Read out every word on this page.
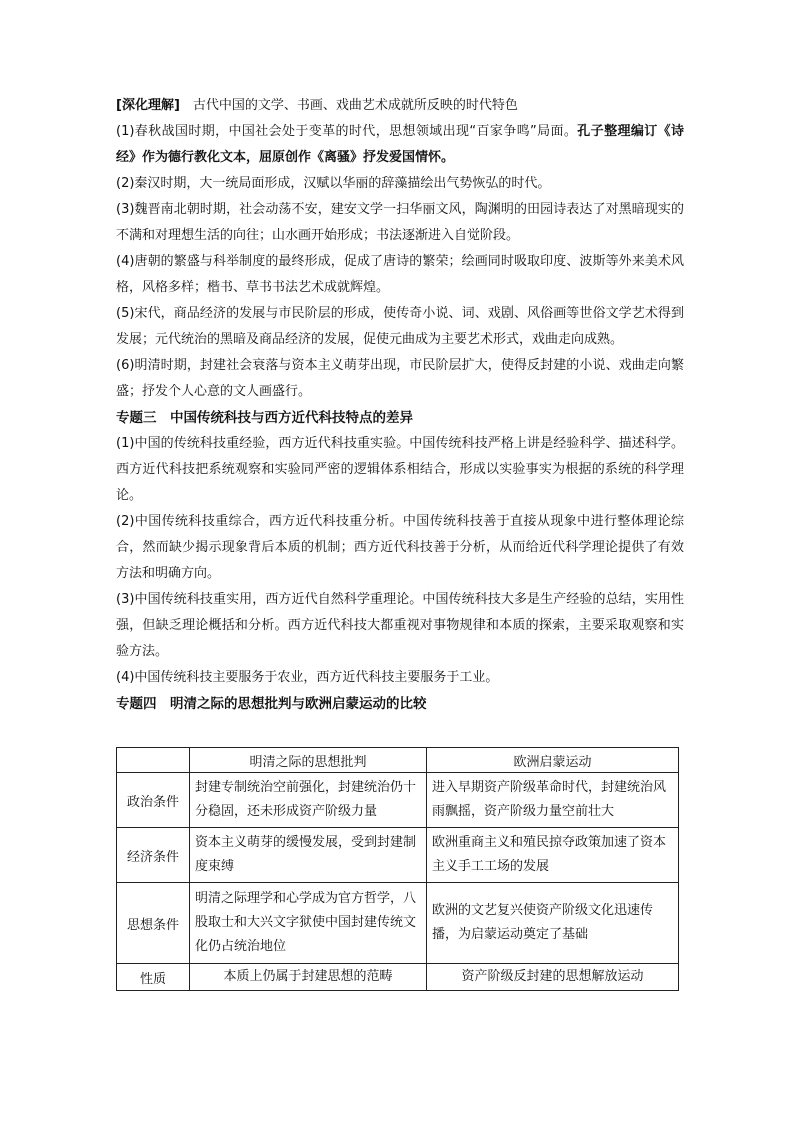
[深化理解]　 古代中国的文学、书画、戏曲艺术成就所反映的时代特色

(1)春秋战国时期，中国社会处于变革的时代，思想领域出现“百家争鸣”局面。孔子整理编订《诗经》作为德行教化文本，屈原创作《离骚》抒发爱国情怀。

(2)秦汉时期，大一统局面形成，汉赋以华丽的辞藻描绘出气势恢弘的时代。

(3)魏晋南北朝时期，社会动荡不安，建安文学一扫华丽文风，陶渊明的田园诗表达了对黑暗现实的不满和对理想生活的向往；山水画开始形成；书法逐渐进入自觉阶段。

(4)唐朝的繁盛与科举制度的最终形成，促成了唐诗的繁荣；绘画同时吸取印度、波斯等外来美术风格，风格多样；楷书、草书书法艺术成就辉煌。

(5)宋代，商品经济的发展与市民阶层的形成，使传奇小说、词、戏剧、风俗画等世俗文学艺术得到发展；元代统治的黑暗及商品经济的发展，促使元曲成为主要艺术形式，戏曲走向成熟。

(6)明清时期，封建社会衰落与资本主义萌芽出现，市民阶层扩大，使得反封建的小说、戏曲走向繁盛；抒发个人心意的文人画盛行。

专题三　中国传统科技与西方近代科技特点的差异

(1)中国的传统科技重经验，西方近代科技重实验。中国传统科技严格上讲是经验科学、描述科学。西方近代科技把系统观察和实验同严密的逻辑体系相结合，形成以实验事实为根据的系统的科学理论。

(2)中国传统科技重综合，西方近代科技重分析。中国传统科技善于直接从现象中进行整体理论综合，然而缺少揭示现象背后本质的机制；西方近代科技善于分析，从而给近代科学理论提供了有效方法和明确方向。

(3)中国传统科技重实用，西方近代自然科学重理论。中国传统科技大多是生产经验的总结，实用性强，但缺乏理论概括和分析。西方近代科技大都重视对事物规律和本质的探索，主要采取观察和实验方法。

(4)中国传统科技主要服务于农业，西方近代科技主要服务于工业。

专题四　明清之际的思想批判与欧洲启蒙运动的比较

	明清之际的思想批判	欧洲启蒙运动
政治条件	封建专制统治空前强化，封建统治仍十分稳固，还未形成资产阶级力量	进入早期资产阶级革命时代，封建统治风雨飘摇，资产阶级力量空前壮大
经济条件	资本主义萌芽的缓慢发展，受到封建制度束缚	欧洲重商主义和殖民掠夺政策加速了资本主义手工工场的发展
思想条件	明清之际理学和心学成为官方哲学，八股取士和大兴文字狱使中国封建传统文化仍占统治地位	欧洲的文艺复兴使资产阶级文化迅速传播，为启蒙运动奠定了基础
性质	本质上仍属于封建思想的范畴	资产阶级反封建的思想解放运动
